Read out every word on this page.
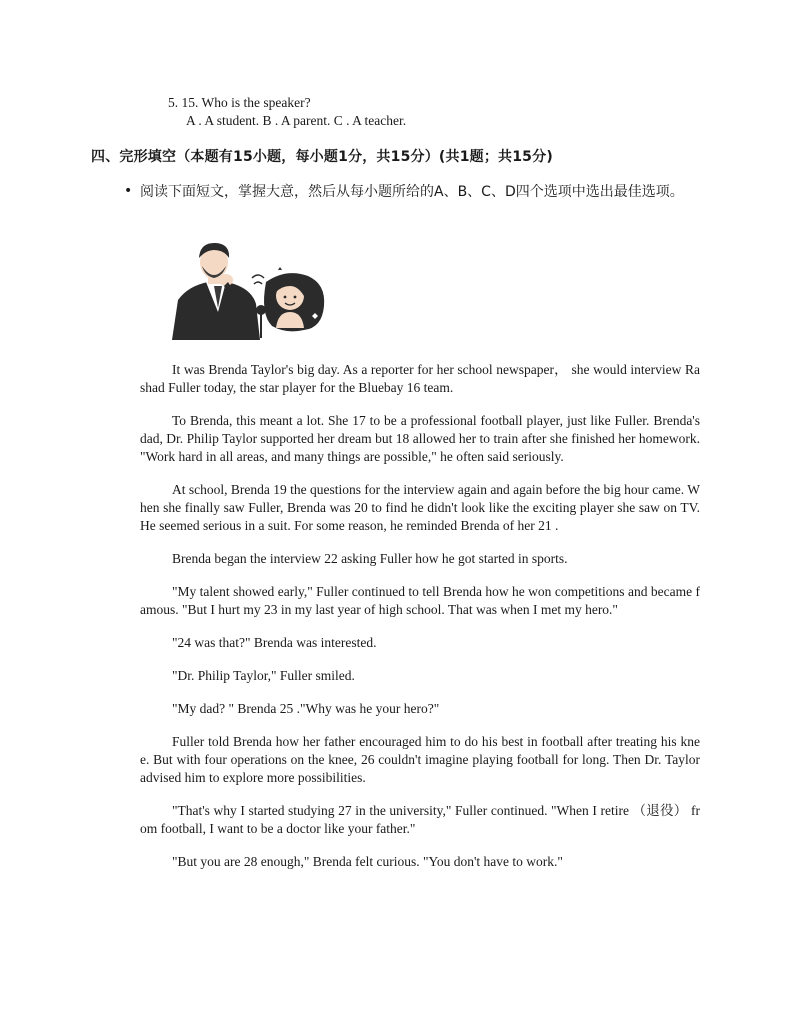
5. 15. Who is the speaker?
A . A student. B . A parent. C . A teacher.
四、完形填空（本题有15小题，每小题1分，共15分）(共1题；共15分)
• 阅读下面短文，掌握大意，然后从每小题所给的A、B、C、D四个选项中选出最佳选项。

It was Brenda Taylor's big day. As a reporter for her school newspaper， she would interview Rashad Fuller today, the star player for the Bluebay 16 team.

To Brenda, this meant a lot. She 17 to be a professional football player, just like Fuller. Brenda's dad, Dr. Philip Taylor supported her dream but 18 allowed her to train after she finished her homework. "Work hard in all areas, and many things are possible," he often said seriously.

At school, Brenda 19 the questions for the interview again and again before the big hour came. When she finally saw Fuller, Brenda was 20 to find he didn't look like the exciting player she saw on TV. He seemed serious in a suit. For some reason, he reminded Brenda of her 21 .

Brenda began the interview 22 asking Fuller how he got started in sports.

"My talent showed early," Fuller continued to tell Brenda how he won competitions and became famous. "But I hurt my 23 in my last year of high school. That was when I met my hero."

"24 was that?" Brenda was interested.

"Dr. Philip Taylor," Fuller smiled.

"My dad? " Brenda 25 ."Why was he your hero?"

Fuller told Brenda how her father encouraged him to do his best in football after treating his knee. But with four operations on the knee, 26 couldn't imagine playing football for long. Then Dr. Taylor advised him to explore more possibilities.

"That's why I started studying 27 in the university," Fuller continued. "When I retire （退役） from football, I want to be a doctor like your father."

"But you are 28 enough," Brenda felt curious. "You don't have to work."
